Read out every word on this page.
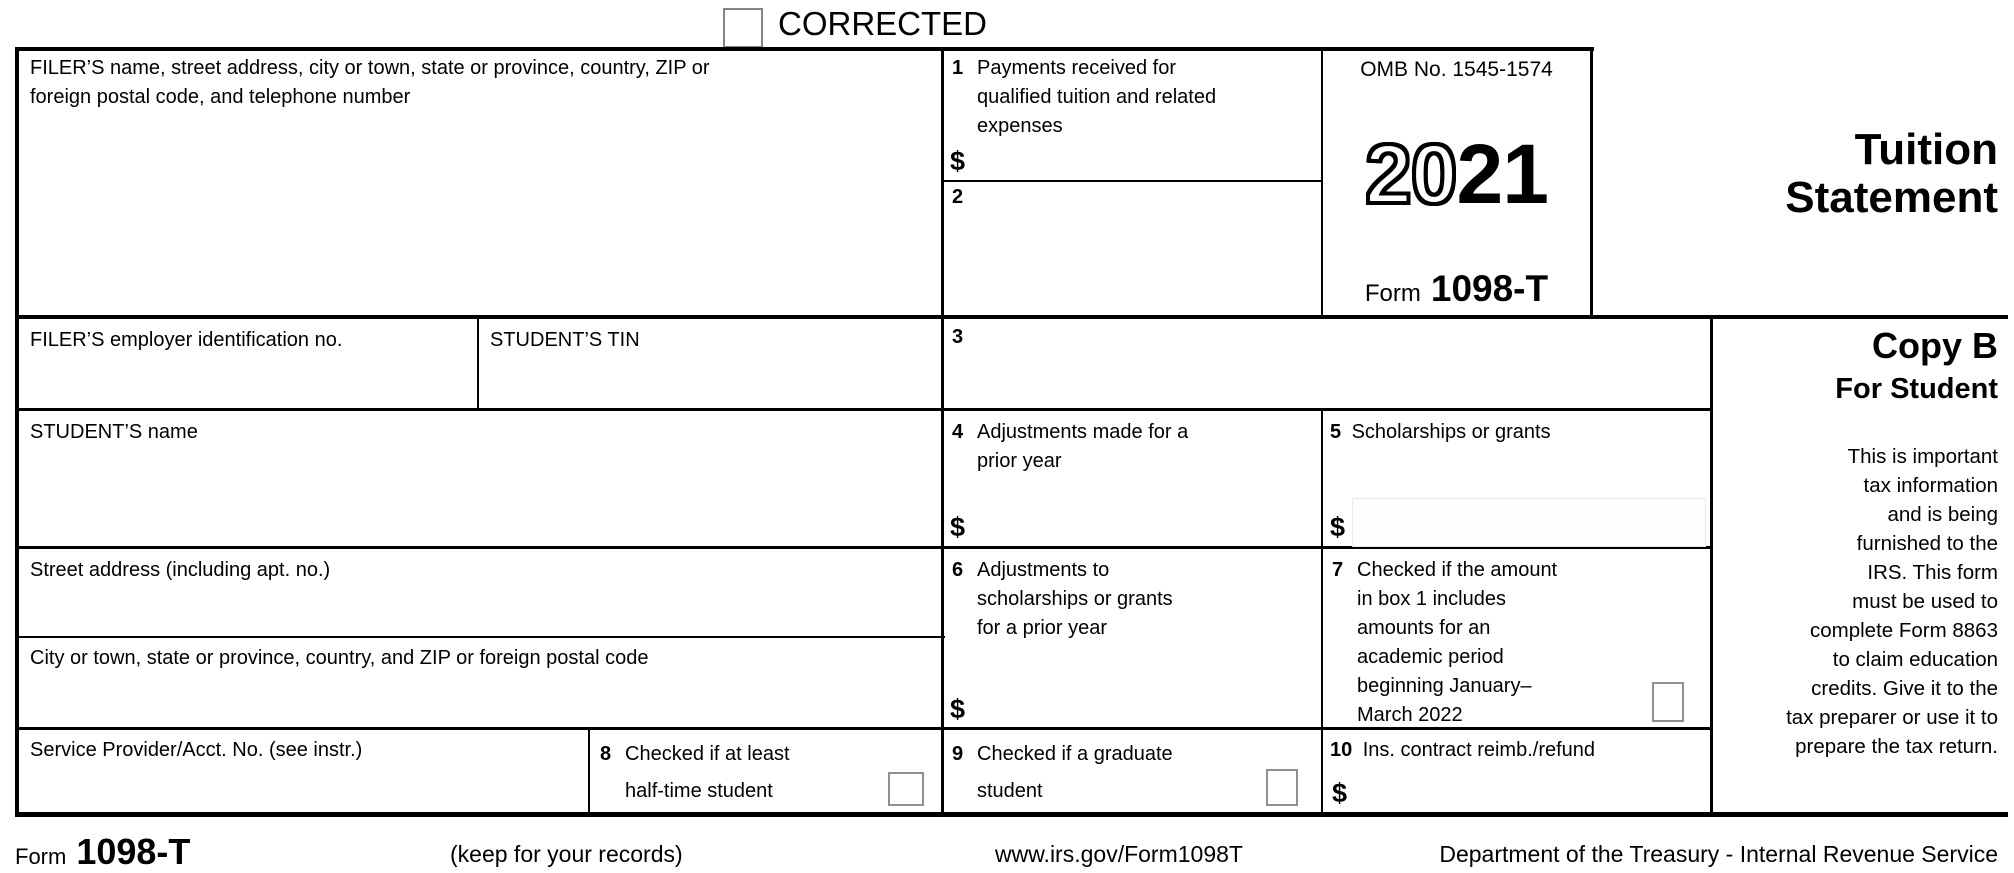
CORRECTED
FILER’S name, street address, city or town, state or province, country, ZIP or
foreign postal code, and telephone number
1 Payments received for
qualified tuition and related
expenses
$
2
OMB No. 1545-1574
2021
Form 1098-T
Tuition Statement
FILER’S employer identification no.	STUDENT’S TIN	3
STUDENT’S name	4 Adjustments made for a
prior year
$
5 Scholarships or grants
$
Street address (including apt. no.)
City or town, state or province, country, and ZIP or foreign postal code
6 Adjustments to
scholarships or grants
for a prior year
$
7 Checked if the amount
in box 1 includes
amounts for an
academic period
beginning January–
March 2022
Service Provider/Acct. No. (see instr.)	8 Checked if at least
half-time student
9 Checked if a graduate
student
10 Ins. contract reimb./refund
$
Copy B
For Student
This is important
tax information
and is being
furnished to the
IRS. This form
must be used to
complete Form 8863
to claim education
credits. Give it to the
tax preparer or use it to
prepare the tax return.
Form 1098-T	(keep for your records)	www.irs.gov/Form1098T	Department of the Treasury - Internal Revenue Service
